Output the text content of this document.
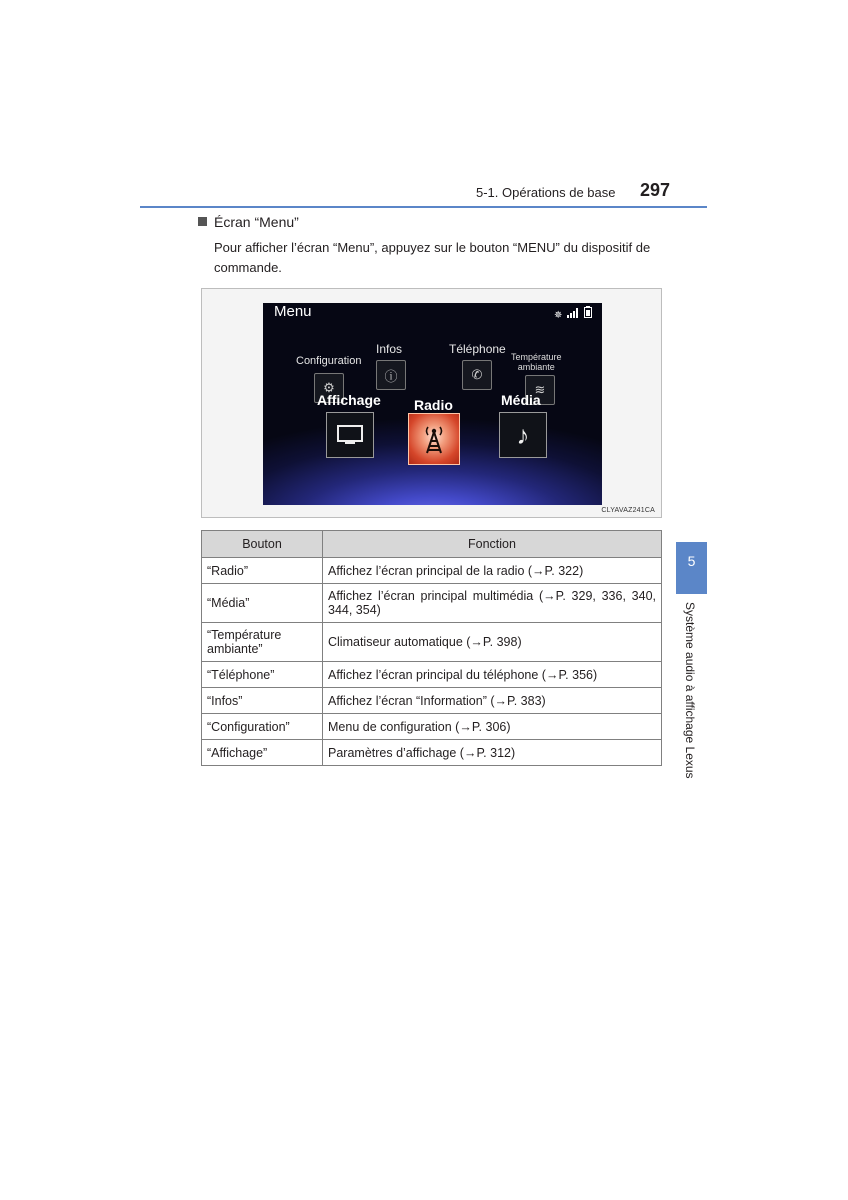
5-1. Opérations de base 297
Écran “Menu”
Pour afficher l’écran “Menu”, appuyez sur le bouton “MENU” du dispositif de commande.
Menu	✵
Configuration
⚙
Infos
ⓘ
Téléphone
✆
Température
ambiante
≋
Affichage Radio	Média
♪
CLYAVAZ241CA
Bouton	Fonction
“Radio”	Affichez l’écran principal de la radio (→P. 322)
“Média”	Affichez l’écran principal multimédia (→P. 329, 336, 340, 344, 354)
“Température ambiante”	Climatiseur automatique (→P. 398)
“Téléphone”	Affichez l’écran principal du téléphone (→P. 356)
“Infos”	Affichez l’écran “Information” (→P. 383)
“Configuration”	Menu de configuration (→P. 306)
“Affichage”	Paramètres d’affichage (→P. 312)
5
Système audio à affichage Lexus
